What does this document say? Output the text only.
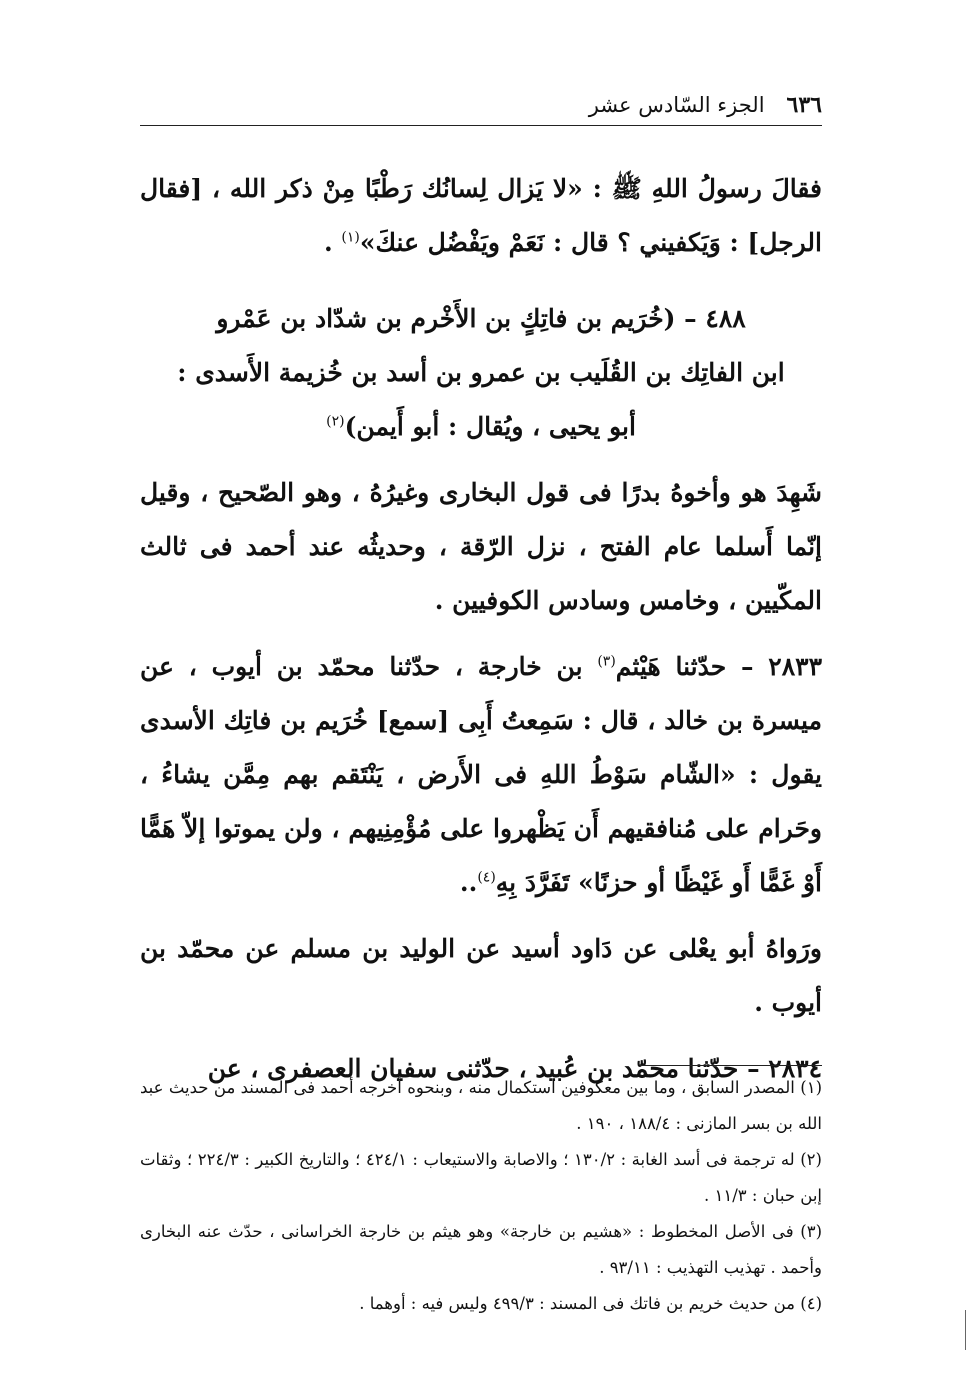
٦٣٦
الجزء السّادس عشر

فقالَ رسولُ اللهِ ﷺ : «لا يَزال لِسانُك رَطْبًا مِنْ ذكر الله ، [فقال الرجل] : وَيَكفيني ؟ قال : نَعَمْ ويَفْضُل عنكَ»$^{(١)}$ .

٤٨٨ – (خُرَيم بن فاتِكٍ بن الأَخْرم بن شدّاد بن عَمْرو
ابن الفاتِك بن القُلَيب بن عمرو بن أسد بن خُزيمة الأَسدى :
أبو يحيى ، ويُقال : أبو أَيمن)$^{(٢)}$

شَهِدَ هو وأخوهُ بدرًا فى قول البخارى وغيرُهُ ، وهو الصّحيح ، وقيل إنّما أَسلما عام الفتح ، نزل الرّقة ، وحديثُه عند أحمد فى ثالث المكّيين ، وخامس وسادس الكوفيين .

٢٨٣٣ – حدّثنا هَيْثم$^{(٣)}$ بن خارجة ، حدّثنا محمّد بن أيوب ، عن ميسرة بن خالد ، قال : سَمِعتُ أَبِى [سمع] خُرَيم بن فاتِك الأسدى يقول : «الشّام سَوْطُ اللهِ فى الأَرض ، يَنْتَقم بهم مِمَّن يشاءُ ، وحَرام على مُنافقيهم أَن يَظْهروا على مُؤْمِنِيهم ، ولن يموتوا إلاّ هَمًّا أَوْ غَمًّا أَو غَيْظًا أو حزنًا» تَفَرَّدَ بِهِ$^{(٤)}$..

ورَواهُ أبو يعْلى عن دَاود أسيد عن الوليد بن مسلم عن محمّد بن أيوب .

٢٨٣٤ – حدّثنا محمّد بن عُبيد ، حدّثنى سفيان العصفرى ، عن

(١) المصدر السابق ، وما بين معكوفين استكمال منه ، وبنحوه أخرجه أحمد فى المسند من حديث عبد الله بن بسر المازنى : ١٨٨/٤ ، ١٩٠ .

(٢) له ترجمة فى أسد الغابة : ١٣٠/٢ ؛ والاصابة والاستيعاب : ٤٢٤/١ ؛ والتاريخ الكبير : ٢٢٤/٣ ؛ وثقات إبن حبان : ١١/٣ .

(٣) فى الأصل المخطوط : «هشيم بن خارجة» وهو هيثم بن خارجة الخراسانى ، حدّث عنه البخارى وأحمد . تهذيب التهذيب : ٩٣/١١ .

(٤) من حديث خريم بن فاتك فى المسند : ٤٩٩/٣ وليس فيه : أوهما .
